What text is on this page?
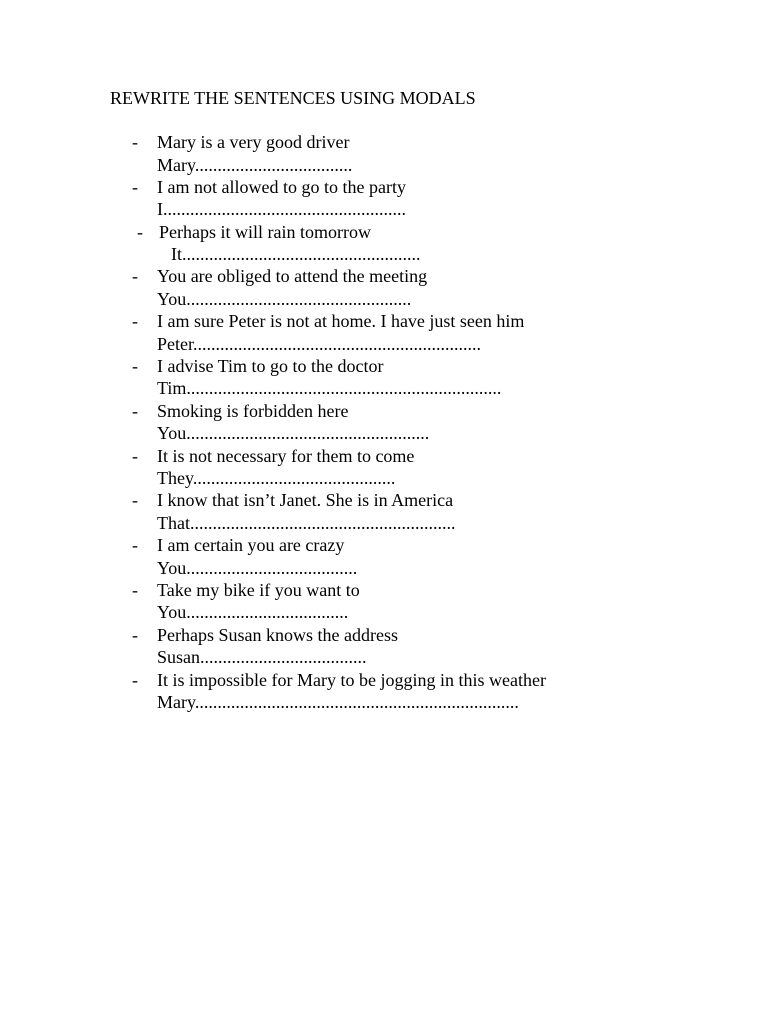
REWRITE THE SENTENCES USING MODALS
- Mary is a very good driver
Mary...................................
- I am not allowed to go to the party
I......................................................
- Perhaps it will rain tomorrow
It.....................................................
- You are obliged to attend the meeting
You..................................................
- I am sure Peter is not at home. I have just seen him
Peter................................................................
- I advise Tim to go to the doctor
Tim......................................................................
- Smoking is forbidden here
You......................................................
- It is not necessary for them to come
They.............................................
- I know that isn’t Janet. She is in America
That...........................................................
- I am certain you are crazy
You......................................
- Take my bike if you want to
You....................................
- Perhaps Susan knows the address
Susan.....................................
- It is impossible for Mary to be jogging in this weather
Mary........................................................................
